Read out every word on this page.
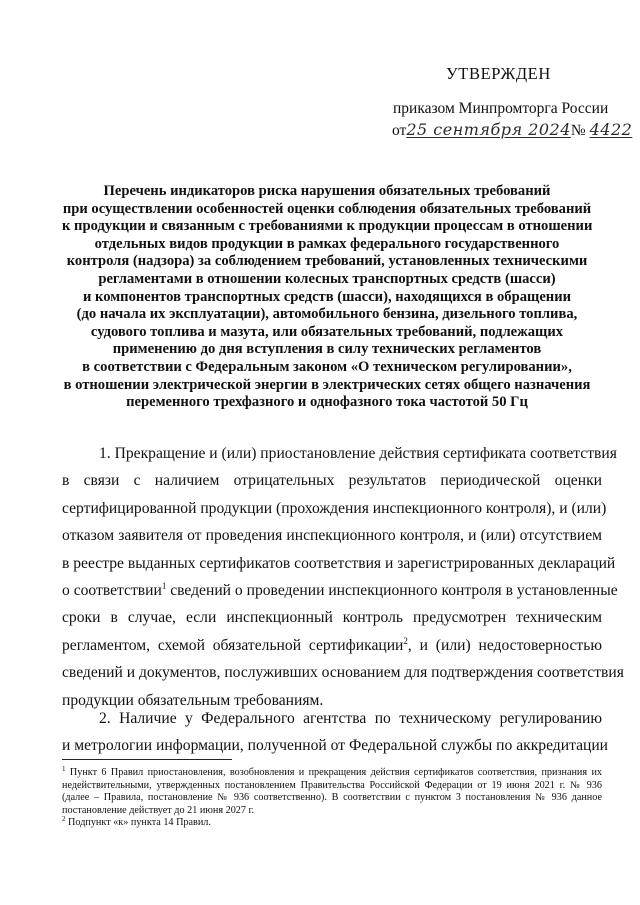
УТВЕРЖДЕН
приказом Минпромторга России
от25 сентября 2024№ 4422
Перечень индикаторов риска нарушения обязательных требований
при осуществлении особенностей оценки соблюдения обязательных требований
к продукции и связанным с требованиями к продукции процессам в отношении
отдельных видов продукции в рамках федерального государственного
контроля (надзора) за соблюдением требований, установленных техническими
регламентами в отношении колесных транспортных средств (шасси)
и компонентов транспортных средств (шасси), находящихся в обращении
(до начала их эксплуатации), автомобильного бензина, дизельного топлива,
судового топлива и мазута, или обязательных требований, подлежащих
применению до дня вступления в силу технических регламентов
в соответствии с Федеральным законом «О техническом регулировании»,
в отношении электрической энергии в электрических сетях общего назначения
переменного трехфазного и однофазного тока частотой 50 Гц
1. Прекращение и (или) приостановление действия сертификата соответствия
в связи с наличием отрицательных результатов периодической оценки
сертифицированной продукции (прохождения инспекционного контроля), и (или)
отказом заявителя от проведения инспекционного контроля, и (или) отсутствием
в реестре выданных сертификатов соответствия и зарегистрированных деклараций
о соответствии$^1$ сведений о проведении инспекционного контроля в установленные
сроки в случае, если инспекционный контроль предусмотрен техническим
регламентом, схемой обязательной сертификации$^2$, и (или) недостоверностью
сведений и документов, послуживших основанием для подтверждения соответствия
продукции обязательным требованиям.
2. Наличие у Федерального агентства по техническому регулированию
и метрологии информации, полученной от Федеральной службы по аккредитации
$^1$ Пункт 6 Правил приостановления, возобновления и прекращения действия сертификатов соответствия, признания их
недействительными, утвержденных постановлением Правительства Российской Федерации от 19 июня 2021 г. № 936
(далее – Правила, постановление № 936 соответственно). В соответствии с пунктом 3 постановления № 936 данное
постановление действует до 21 июня 2027 г.
$^2$ Подпункт «к» пункта 14 Правил.
